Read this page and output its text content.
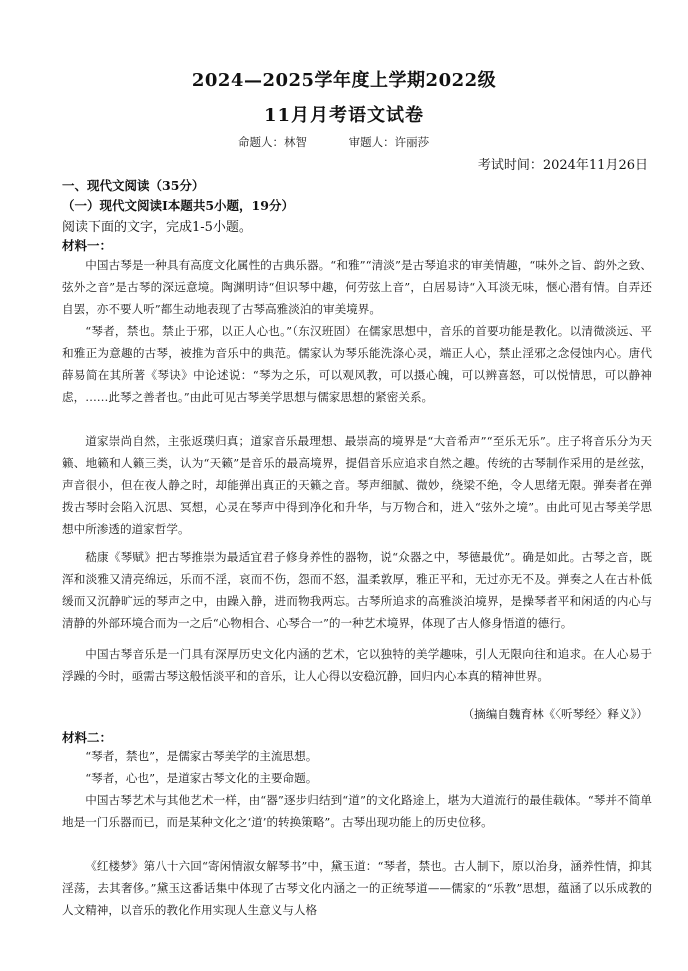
2024—2025学年度上学期2022级
11月月考语文试卷
命题人：林智	审题人：许丽莎
考试时间：2024年11月26日
一、现代文阅读（35分）
（一）现代文阅读Ⅰ本题共5小题，19分）
阅读下面的文字，完成1-5小题。
材料一：

中国古琴是一种具有高度文化属性的古典乐器。“和雅”“清淡”是古琴追求的审美情趣，“味外之旨、韵外之致、弦外之音”是古琴的深远意境。陶渊明诗“但识琴中趣，何劳弦上音”，白居易诗“入耳淡无味，惬心潜有情。自弄还自罢，亦不要人听”都生动地表现了古琴高雅淡泊的审美境界。

“琴者，禁也。禁止于邪，以正人心也。”（东汉班固）在儒家思想中，音乐的首要功能是教化。以清微淡远、平和雅正为意趣的古琴，被推为音乐中的典范。儒家认为琴乐能洗涤心灵，端正人心，禁止淫邪之念侵蚀内心。唐代薛易简在其所著《琴诀》中论述说：“琴为之乐，可以观风教，可以摄心魄，可以辨喜怒，可以悦情思，可以静神虑，……此琴之善者也。”由此可见古琴美学思想与儒家思想的紧密关系。

道家崇尚自然，主张返璞归真；道家音乐最理想、最崇高的境界是“大音希声”“至乐无乐”。庄子将音乐分为天籁、地籁和人籁三类，认为“天籁”是音乐的最高境界，提倡音乐应追求自然之趣。传统的古琴制作采用的是丝弦，声音很小，但在夜人静之时，却能弹出真正的天籁之音。琴声细腻、微妙，绕梁不绝，令人思绪无限。弹奏者在弹拨古琴时会陷入沉思、冥想，心灵在琴声中得到净化和升华，与万物合和，进入“弦外之境”。由此可见古琴美学思想中所渗透的道家哲学。

嵇康《琴赋》把古琴推崇为最适宜君子修身养性的器物，说“众器之中，琴德最优”。确是如此。古琴之音，既浑和淡雅又清亮绵远，乐而不淫，哀而不伤，怨而不怒，温柔敦厚，雅正平和，无过亦无不及。弹奏之人在古朴低缓而又沉静旷远的琴声之中，由躁入静，进而物我两忘。古琴所追求的高雅淡泊境界，是操琴者平和闲适的内心与清静的外部环境合而为一之后“心物相合、心琴合一”的一种艺术境界，体现了古人修身悟道的德行。

中国古琴音乐是一门具有深厚历史文化内涵的艺术，它以独特的美学趣味，引人无限向往和追求。在人心易于浮躁的今时，亟需古琴这般恬淡平和的音乐，让人心得以安稳沉静，回归内心本真的精神世界。

（摘编自魏育林《〈听琴经〉释义》）
材料二：

“琴者，禁也”，是儒家古琴美学的主流思想。

“琴者，心也”，是道家古琴文化的主要命题。

中国古琴艺术与其他艺术一样，由“器”逐步归结到“道”的文化路途上，堪为大道流行的最佳载体。“琴并不简单地是一门乐器而已，而是某种文化之‘道’的转换策略”。古琴出现功能上的历史位移。

《红楼梦》第八十六回“寄闲情淑女解琴书”中，黛玉道：“琴者，禁也。古人制下，原以治身，涵养性情，抑其淫荡，去其奢侈。”黛玉这番话集中体现了古琴文化内涵之一的正统琴道——儒家的“乐教”思想，蕴涵了以乐成教的人文精神，以音乐的教化作用实现人生意义与人格
